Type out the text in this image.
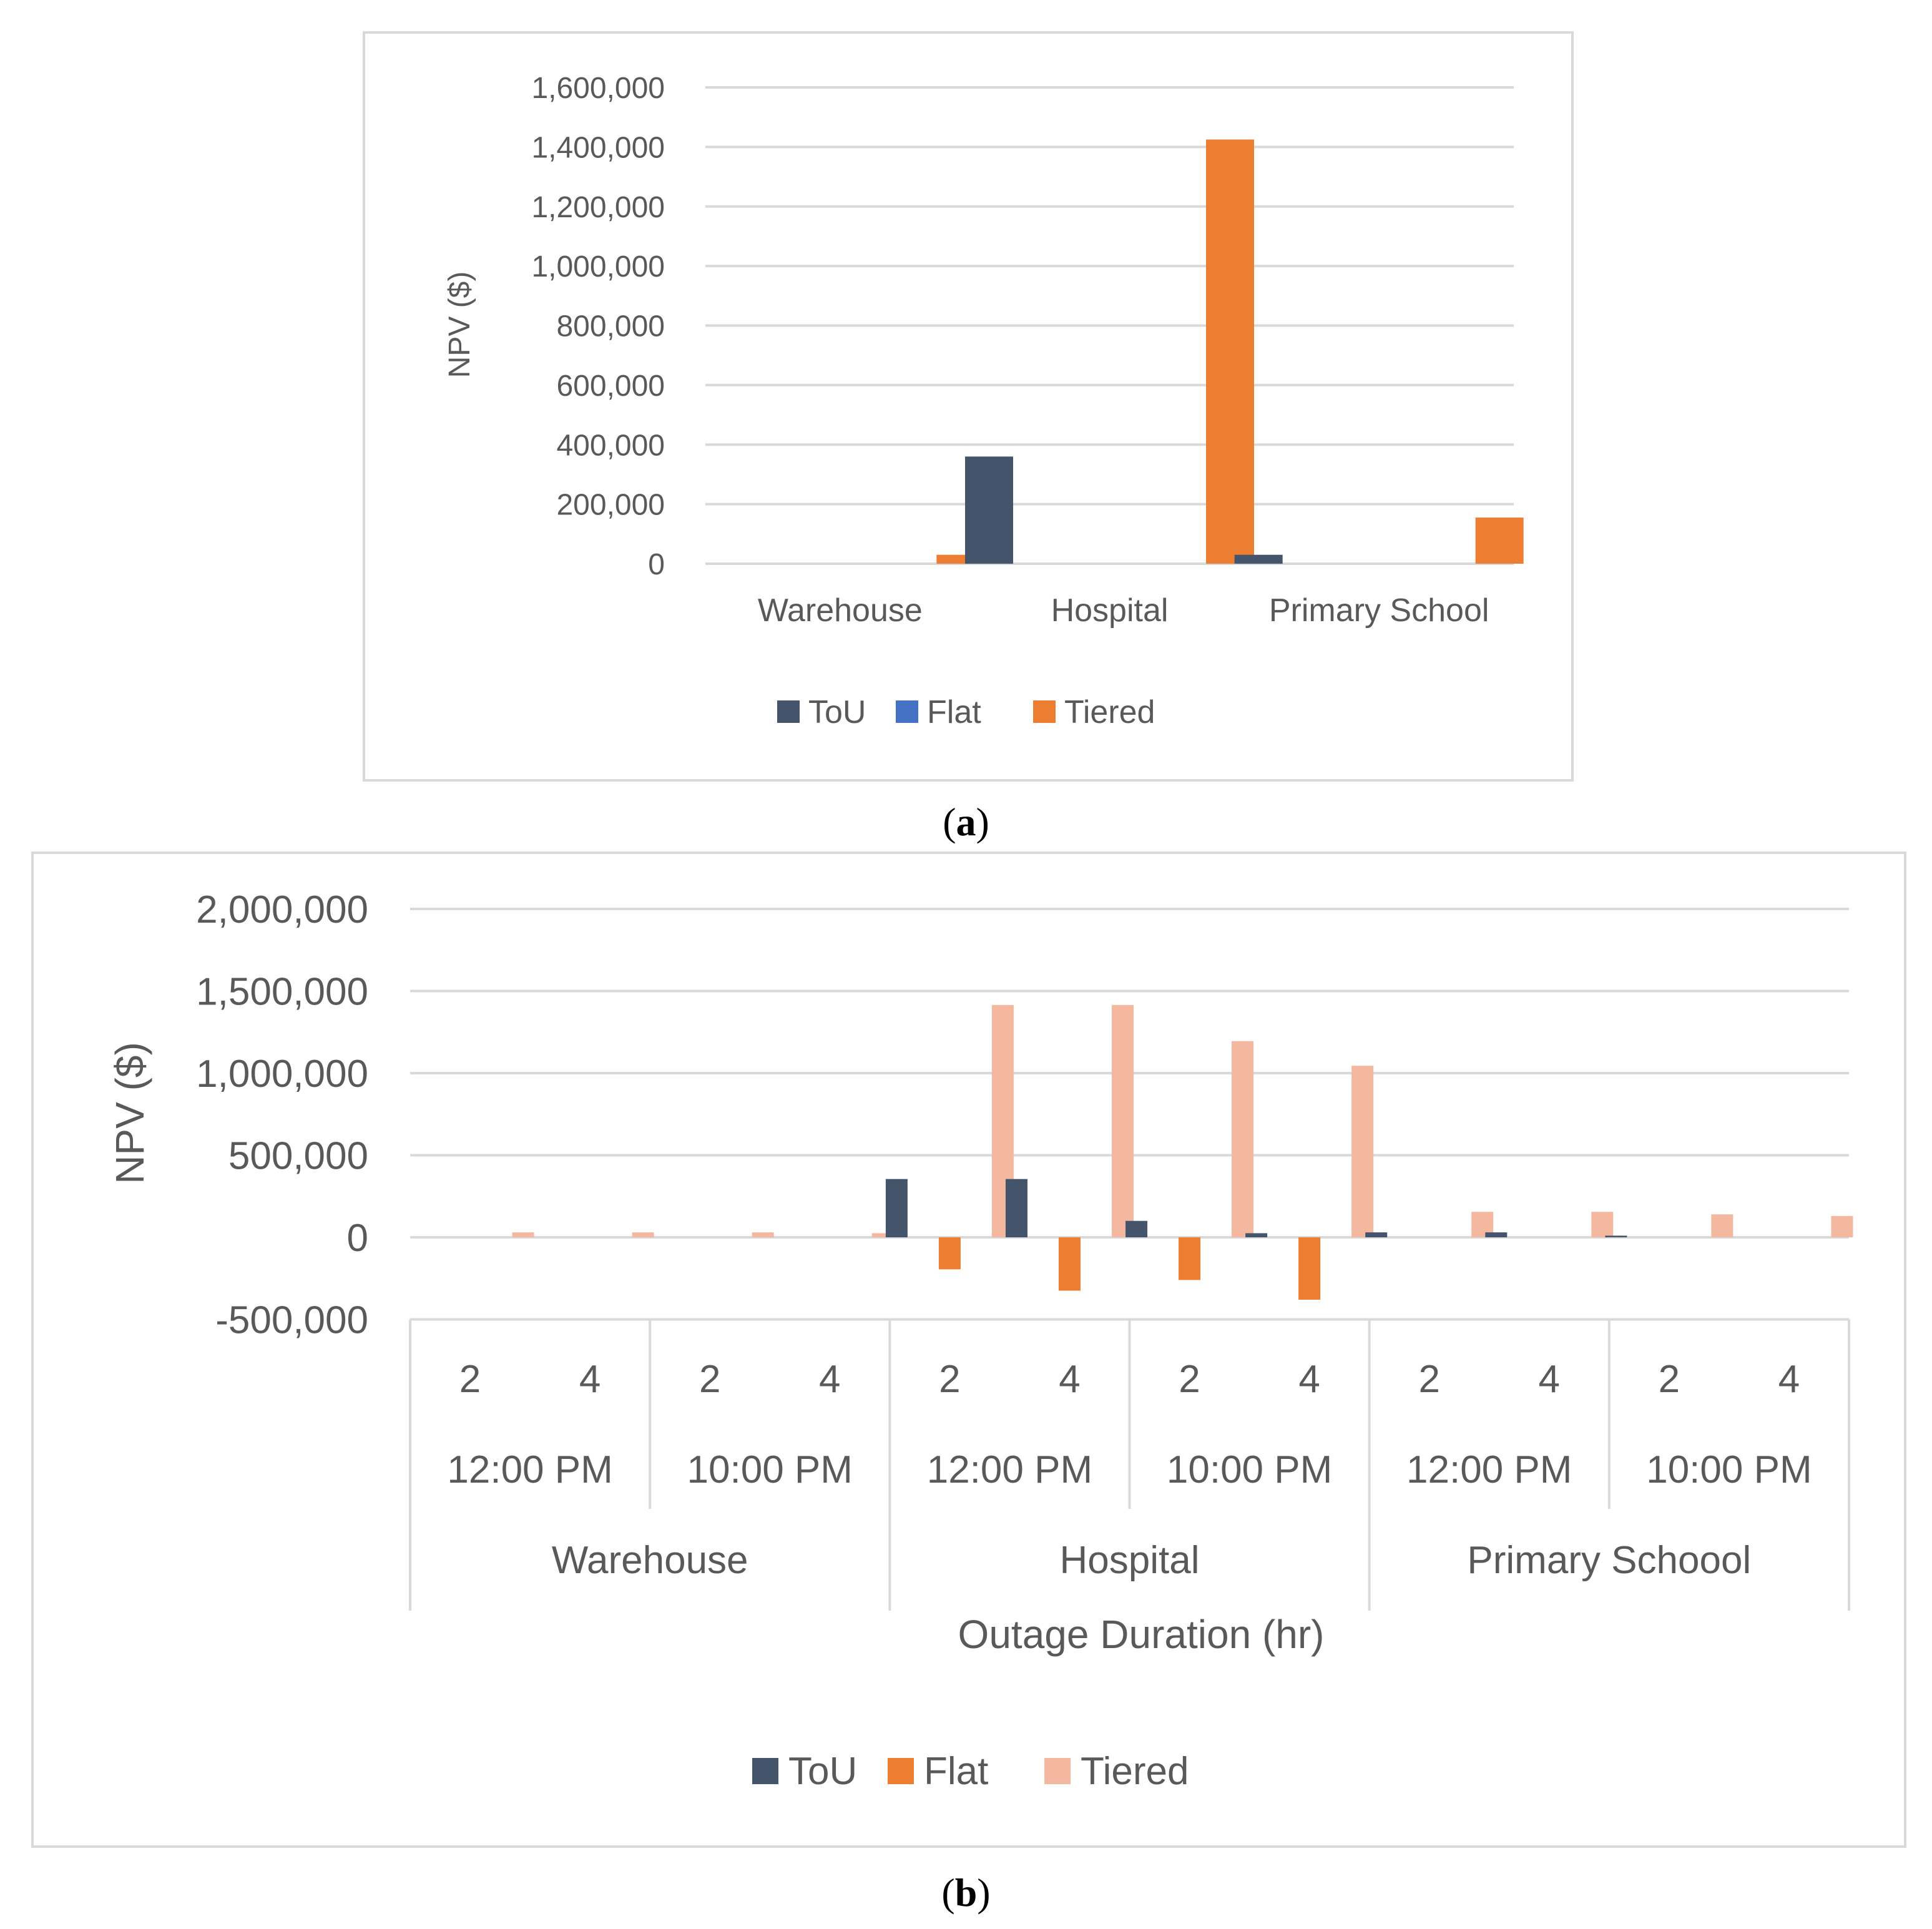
0
200,000
400,000
600,000
800,000
1,000,000
1,200,000
1,400,000
1,600,000
Warehouse	Hospital	Primary School
NPV ($)
ToU Flat	Tiered
(a)
-500,000
0
500,000
1,000,000
1,500,000
2,000,000
2	4	2	4	2	4	2	4	2	4	2	4
12:00 PM 10:00 PM 12:00 PM 10:00 PM 12:00 PM 10:00 PM
Warehouse	Hospital	Primary Schoool
NPV ($)
Outage Duration (hr)
ToU Flat Tiered
(b)
